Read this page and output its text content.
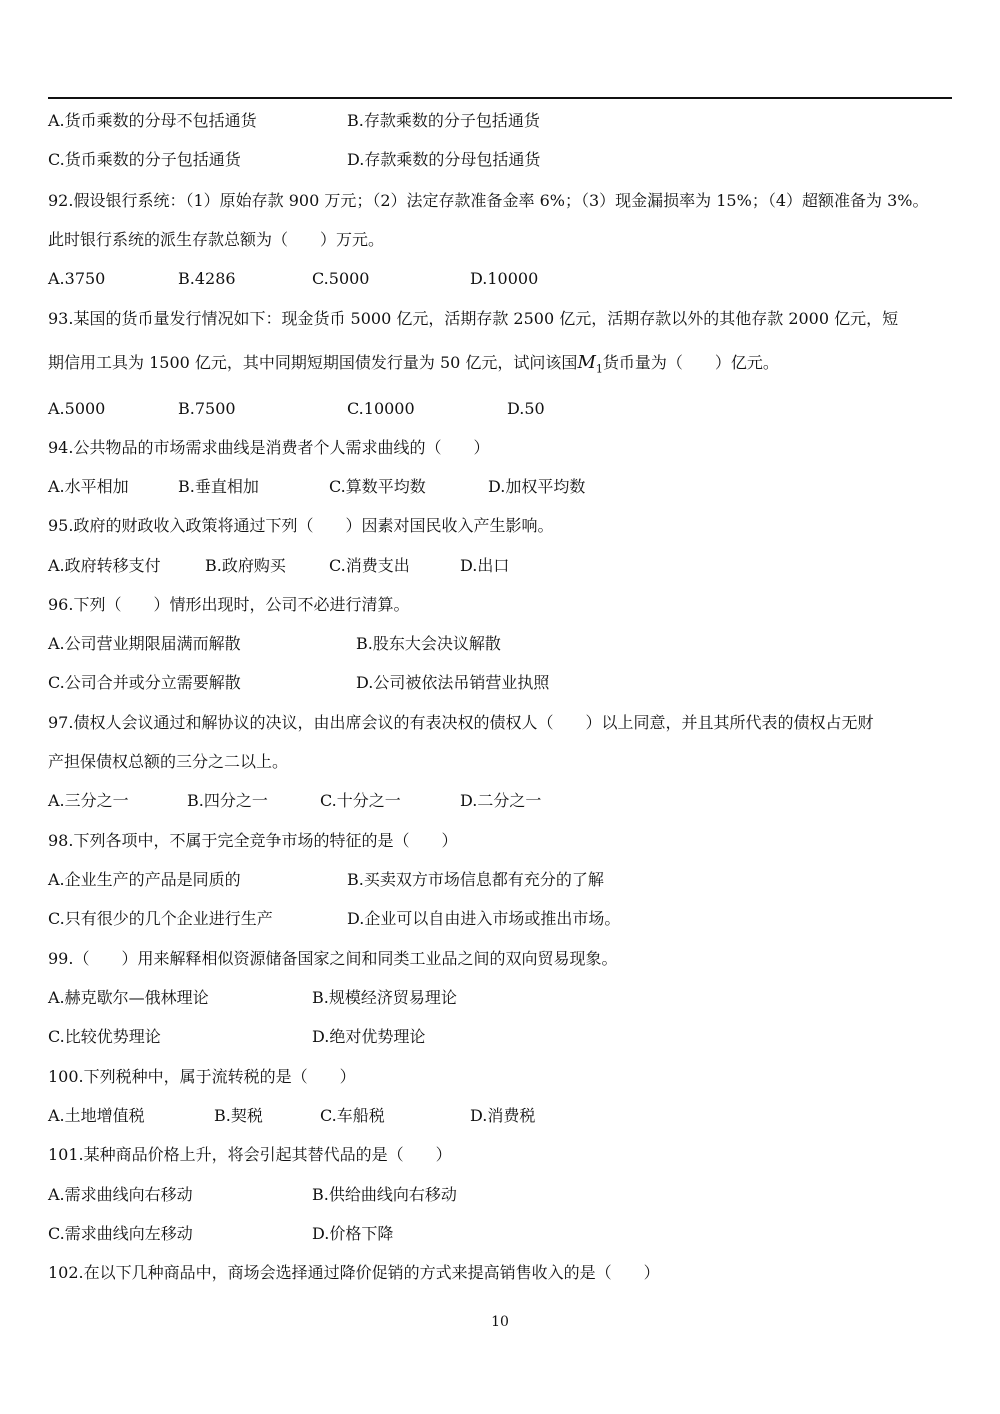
A.货币乘数的分母不包括通货	B.存款乘数的分子包括通货
C.货币乘数的分子包括通货	D.存款乘数的分母包括通货
92.假设银行系统：（1）原始存款 900 万元；（2）法定存款准备金率 6%；（3）现金漏损率为 15%；（4）超额准备为 3%。
此时银行系统的派生存款总额为（　　）万元。
A.3750	B.4286	C.5000	D.10000
93.某国的货币量发行情况如下：现金货币 5000 亿元，活期存款 2500 亿元，活期存款以外的其他存款 2000 亿元，短
期信用工具为 1500 亿元，其中同期短期国债发行量为 50 亿元，试问该国$M_1$货币量为（　　）亿元。
A.5000	B.7500	C.10000	D.50
94.公共物品的市场需求曲线是消费者个人需求曲线的（　　）
A.水平相加	B.垂直相加	C.算数平均数	D.加权平均数
95.政府的财政收入政策将通过下列（　　）因素对国民收入产生影响。
A.政府转移支付	B.政府购买	C.消费支出	D.出口
96.下列（　　）情形出现时，公司不必进行清算。
A.公司营业期限届满而解散	B.股东大会决议解散
C.公司合并或分立需要解散	D.公司被依法吊销营业执照
97.债权人会议通过和解协议的决议，由出席会议的有表决权的债权人（　　）以上同意，并且其所代表的债权占无财
产担保债权总额的三分之二以上。
A.三分之一	B.四分之一	C.十分之一	D.二分之一
98.下列各项中，不属于完全竞争市场的特征的是（　　）
A.企业生产的产品是同质的	B.买卖双方市场信息都有充分的了解
C.只有很少的几个企业进行生产	D.企业可以自由进入市场或推出市场。
99.（　　）用来解释相似资源储备国家之间和同类工业品之间的双向贸易现象。
A.赫克歇尔—俄林理论	B.规模经济贸易理论
C.比较优势理论	D.绝对优势理论
100.下列税种中，属于流转税的是（　　）
A.土地增值税	B.契税	C.车船税	D.消费税
101.某种商品价格上升，将会引起其替代品的是（　　）
A.需求曲线向右移动	B.供给曲线向右移动
C.需求曲线向左移动	D.价格下降
102.在以下几种商品中，商场会选择通过降价促销的方式来提高销售收入的是（　　）
10
